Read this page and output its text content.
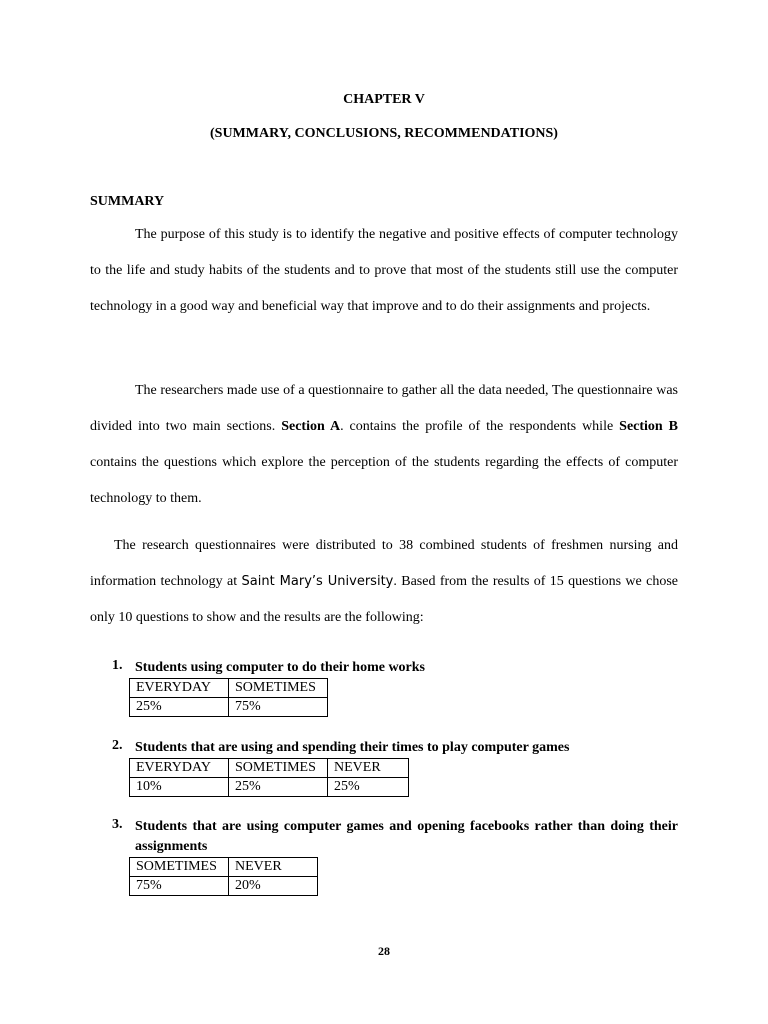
CHAPTER V
(SUMMARY, CONCLUSIONS, RECOMMENDATIONS)
SUMMARY

The purpose of this study is to identify the negative and positive effects of computer technology to the life and study habits of the students and to prove that most of the students still use the computer technology in a good way and beneficial way that improve and to do their assignments and projects.

The researchers made use of a questionnaire to gather all the data needed, The questionnaire was divided into two main sections. Section A. contains the profile of the respondents while Section B contains the questions which explore the perception of the students regarding the effects of computer technology to them.

The research questionnaires were distributed to 38 combined students of freshmen nursing and information technology at Saint Mary’s University. Based from the results of 15 questions we chose only 10 questions to show and the results are the following:

1. Students using computer to do their home works
EVERYDAY	SOMETIMES
25%	75%
2. Students that are using and spending their times to play computer games
EVERYDAY	SOMETIMES	NEVER
10%	25%	25%
3. Students that are using computer games and opening facebooks rather than doing their assignments
SOMETIMES	NEVER
75%	20%
28
